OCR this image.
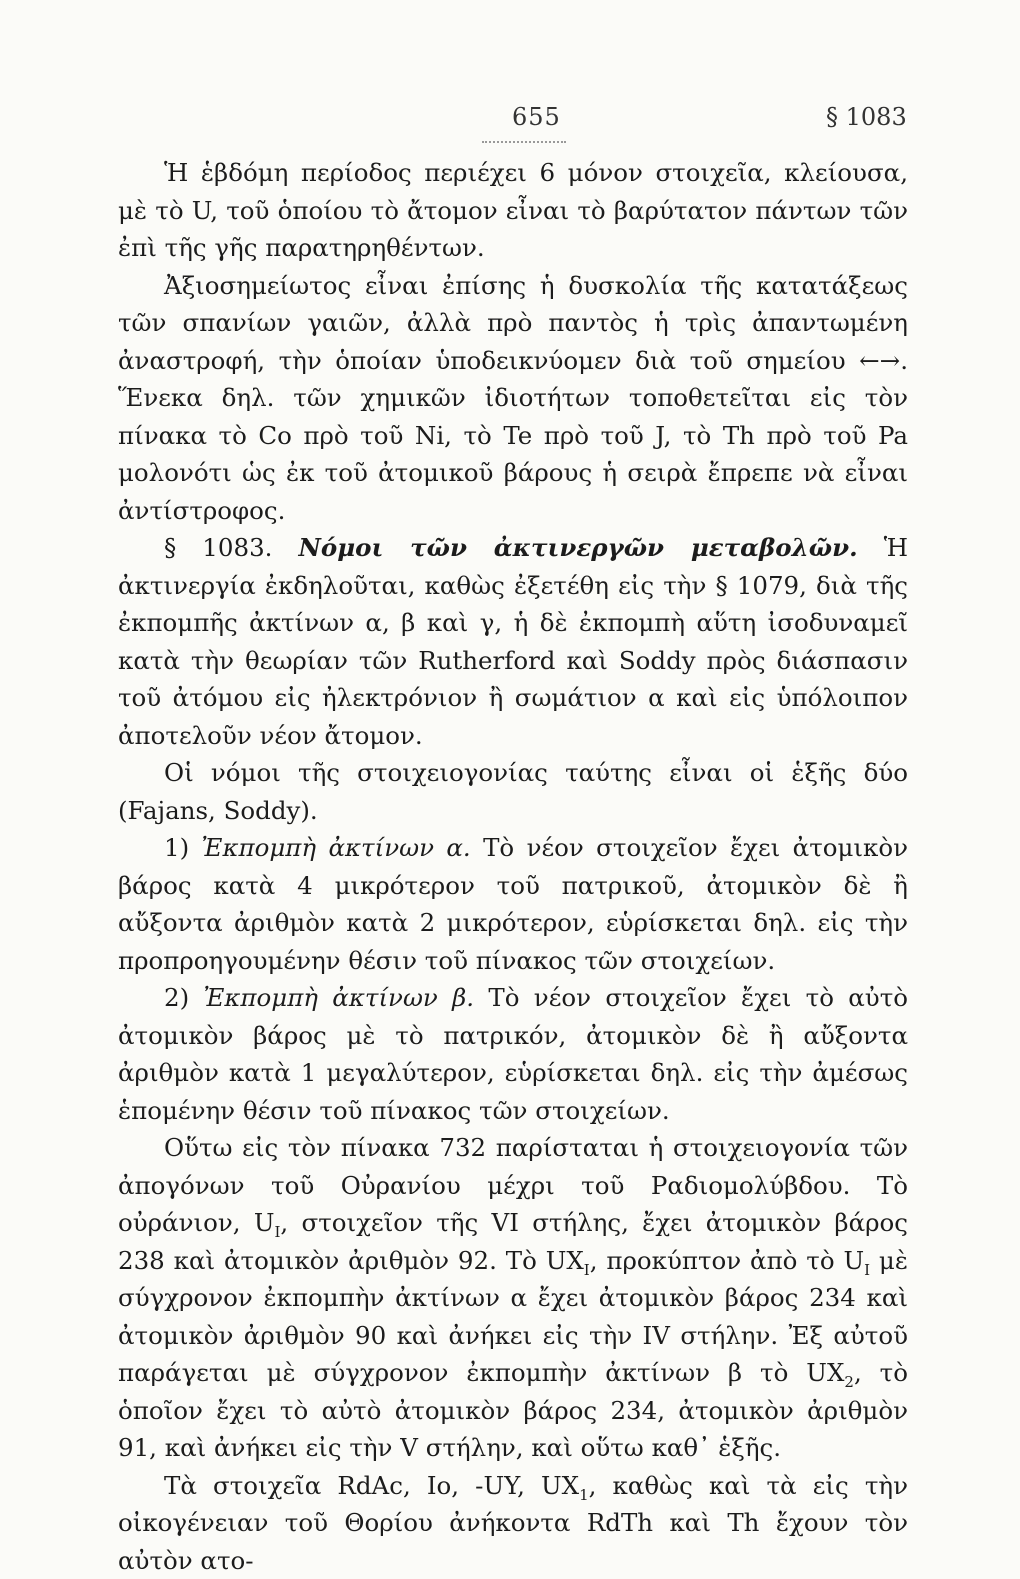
655	§ 1083

Ἡ ἑβδόμη περίοδος περιέχει 6 μόνον στοιχεῖα, κλείουσα, μὲ τὸ U, τοῦ ὁποίου τὸ ἄτομον εἶναι τὸ βαρύτατον πάντων τῶν ἐπὶ τῆς γῆς παρατηρηθέντων.

Ἀξιοσημείωτος εἶναι ἐπίσης ἡ δυσκολία τῆς κατατάξεως τῶν σπανίων γαιῶν, ἀλλὰ πρὸ παντὸς ἡ τρὶς ἀπαντωμένη ἀναστροφή, τὴν ὁποίαν ὑποδεικνύομεν διὰ τοῦ σημείου ←→. Ἕνεκα δηλ. τῶν χημικῶν ἰδιοτήτων τοποθετεῖται εἰς τὸν πίνακα τὸ Co πρὸ τοῦ Ni, τὸ Te πρὸ τοῦ J, τὸ Th πρὸ τοῦ Pa μολονότι ὡς ἐκ τοῦ ἀτομικοῦ βάρους ἡ σειρὰ ἔπρεπε νὰ εἶναι ἀντίστροφος.

§ 1083. Νόμοι τῶν ἀκτινεργῶν μεταβολῶν. Ἡ ἀκτινεργία ἐκδηλοῦται, καθὼς ἐξετέθη εἰς τὴν § 1079, διὰ τῆς ἐκπομπῆς ἀκτίνων α, β καὶ γ, ἡ δὲ ἐκπομπὴ αὕτη ἰσοδυναμεῖ κατὰ τὴν θεωρίαν τῶν Rutherford καὶ Soddy πρὸς διάσπασιν τοῦ ἀτόμου εἰς ἠλεκτρόνιον ἢ σωμάτιον α καὶ εἰς ὑπόλοιπον ἀποτελοῦν νέον ἄτομον.

Οἱ νόμοι τῆς στοιχειογονίας ταύτης εἶναι οἱ ἑξῆς δύο (Fajans, Soddy).

1) Ἐκπομπὴ ἀκτίνων α. Τὸ νέον στοιχεῖον ἔχει ἀτομικὸν βάρος κατὰ 4 μικρότερον τοῦ πατρικοῦ, ἀτομικὸν δὲ ἢ αὔξοντα ἀριθμὸν κατὰ 2 μικρότερον, εὑρίσκεται δηλ. εἰς τὴν προπροηγουμένην θέσιν τοῦ πίνακος τῶν στοιχείων.

2) Ἐκπομπὴ ἀκτίνων β. Τὸ νέον στοιχεῖον ἔχει τὸ αὐτὸ ἀτομικὸν βάρος μὲ τὸ πατρικόν, ἀτομικὸν δὲ ἢ αὔξοντα ἀριθμὸν κατὰ 1 μεγαλύτερον, εὑρίσκεται δηλ. εἰς τὴν ἀμέσως ἑπομένην θέσιν τοῦ πίνακος τῶν στοιχείων.

Οὕτω εἰς τὸν πίνακα 732 παρίσταται ἡ στοιχειογονία τῶν ἀπογόνων τοῦ Οὐρανίου μέχρι τοῦ Ραδιομολύβδου. Τὸ οὐράνιον, $U_I$, στοιχεῖον τῆς VI στήλης, ἔχει ἀτομικὸν βάρος 238 καὶ ἀτομικὸν ἀριθμὸν 92. Τὸ $UX_I$, προκύπτον ἀπὸ τὸ $U_I$ μὲ σύγχρονον ἐκπομπὴν ἀκτίνων α ἔχει ἀτομικὸν βάρος 234 καὶ ἀτομικὸν ἀριθμὸν 90 καὶ ἀνήκει εἰς τὴν IV στήλην. Ἐξ αὐτοῦ παράγεται μὲ σύγχρονον ἐκπομπὴν ἀκτίνων β τὸ $UX_2$, τὸ ὁποῖον ἔχει τὸ αὐτὸ ἀτομικὸν βάρος 234, ἀτομικὸν ἀριθμὸν 91, καὶ ἀνήκει εἰς τὴν V στήλην, καὶ οὕτω καθ᾿ ἑξῆς.

Τὰ στοιχεῖα RdAc, Io, -UY, $UX_1$, καθὼς καὶ τὰ εἰς τὴν οἰκογένειαν τοῦ Θορίου ἀνήκοντα RdTh καὶ Th ἔχουν τὸν αὐτὸν ατο-
